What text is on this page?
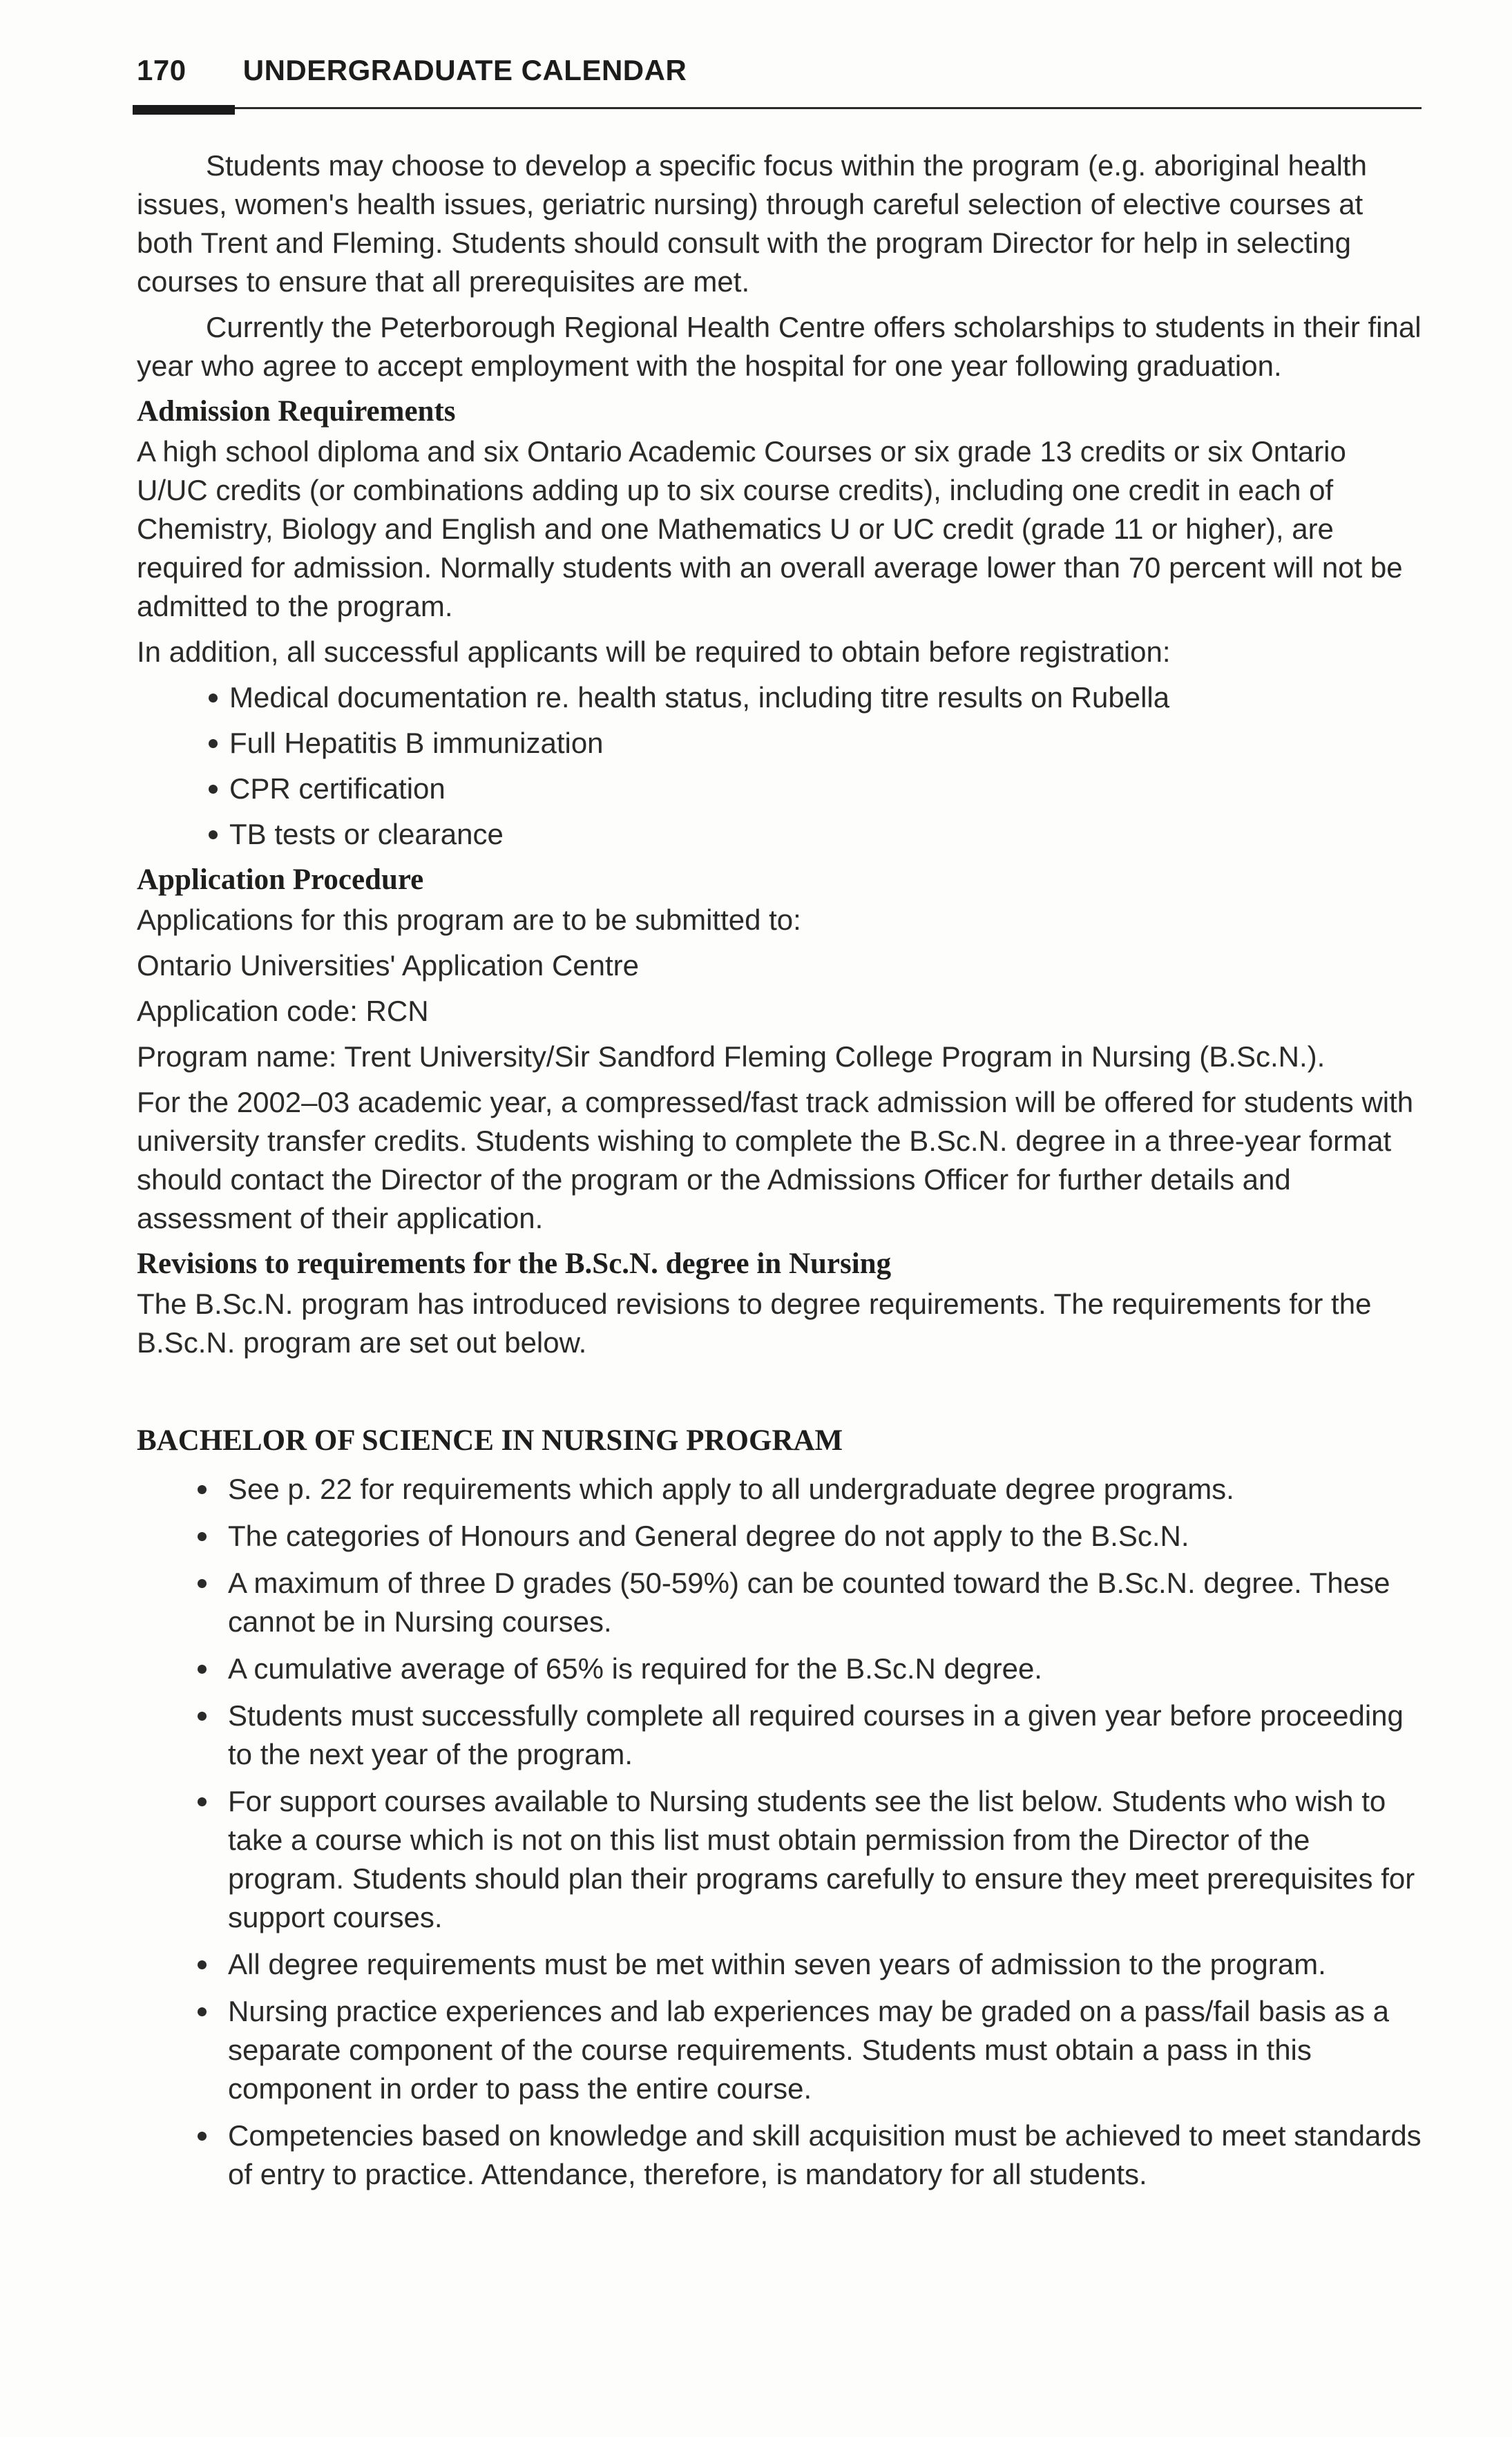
170 UNDERGRADUATE CALENDAR

Students may choose to develop a specific focus within the program (e.g. aboriginal health issues, women's health issues, geriatric nursing) through careful selection of elective courses at both Trent and Fleming. Students should consult with the program Director for help in selecting courses to ensure that all prerequisites are met.

Currently the Peterborough Regional Health Centre offers scholarships to students in their final year who agree to accept employment with the hospital for one year following graduation.

Admission Requirements

A high school diploma and six Ontario Academic Courses or six grade 13 credits or six Ontario U/UC credits (or combinations adding up to six course credits), including one credit in each of Chemistry, Biology and English and one Mathematics U or UC credit (grade 11 or higher), are required for admission. Normally students with an overall average lower than 70 percent will not be admitted to the program.

In addition, all successful applicants will be required to obtain before registration:

Medical documentation re. health status, including titre results on Rubella
Full Hepatitis B immunization
CPR certification
TB tests or clearance

Application Procedure

Applications for this program are to be submitted to:

Ontario Universities' Application Centre

Application code: RCN

Program name: Trent University/Sir Sandford Fleming College Program in Nursing (B.Sc.N.).

For the 2002–03 academic year, a compressed/fast track admission will be offered for students with university transfer credits. Students wishing to complete the B.Sc.N. degree in a three-year format should contact the Director of the program or the Admissions Officer for further details and assessment of their application.

Revisions to requirements for the B.Sc.N. degree in Nursing

The B.Sc.N. program has introduced revisions to degree requirements. The requirements for the B.Sc.N. program are set out below.

BACHELOR OF SCIENCE IN NURSING PROGRAM

See p. 22 for requirements which apply to all undergraduate degree programs.
The categories of Honours and General degree do not apply to the B.Sc.N.
A maximum of three D grades (50-59%) can be counted toward the B.Sc.N. degree. These cannot be in Nursing courses.
A cumulative average of 65% is required for the B.Sc.N degree.
Students must successfully complete all required courses in a given year before proceeding to the next year of the program.
For support courses available to Nursing students see the list below. Students who wish to take a course which is not on this list must obtain permission from the Director of the program. Students should plan their programs carefully to ensure they meet prerequisites for support courses.
All degree requirements must be met within seven years of admission to the program.
Nursing practice experiences and lab experiences may be graded on a pass/fail basis as a separate component of the course requirements. Students must obtain a pass in this component in order to pass the entire course.
Competencies based on knowledge and skill acquisition must be achieved to meet standards of entry to practice. Attendance, therefore, is mandatory for all students.
